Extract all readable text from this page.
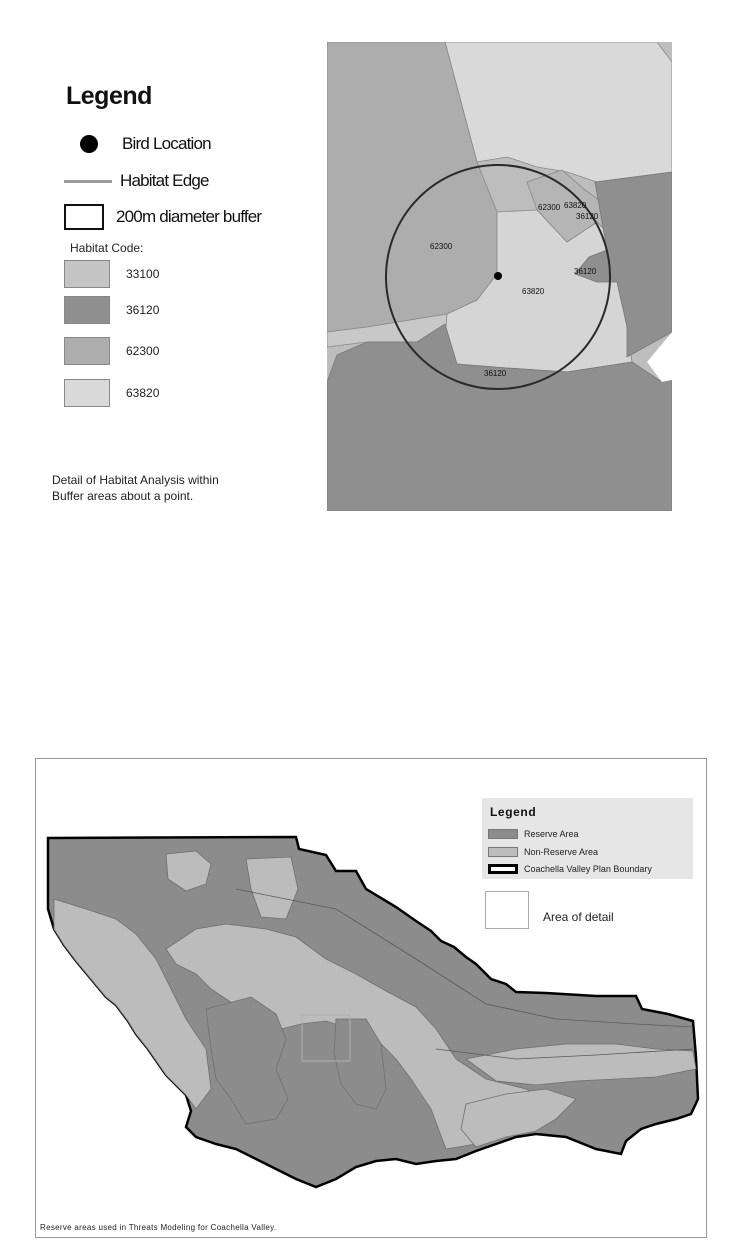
Legend
Bird Location
Habitat Edge
200m diameter buffer
Habitat Code:
33100
36120
62300
63820
Detail of Habitat Analysis within
Buffer areas about a point.
62300
62300 63820
36120
36120
63820
36120
Legend
Reserve Area
Non-Reserve Area
Coachella Valley Plan Boundary
Area of detail
Reserve areas used in Threats Modeling for Coachella Valley.
